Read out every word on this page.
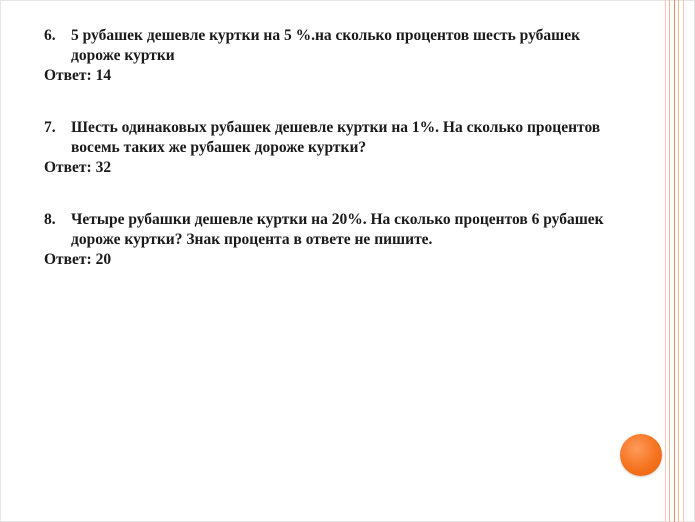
6. 5 рубашек дешевле куртки на 5 %.на сколько процентов шесть рубашек дороже куртки
Ответ: 14
7. Шесть одинаковых рубашек дешевле куртки на 1%. На сколько процентов восемь таких же рубашек дороже куртки?
Ответ: 32
8. Четыре рубашки дешевле куртки на 20%. На сколько процентов 6 рубашек дороже куртки? Знак процента в ответе не пишите.
Ответ: 20
